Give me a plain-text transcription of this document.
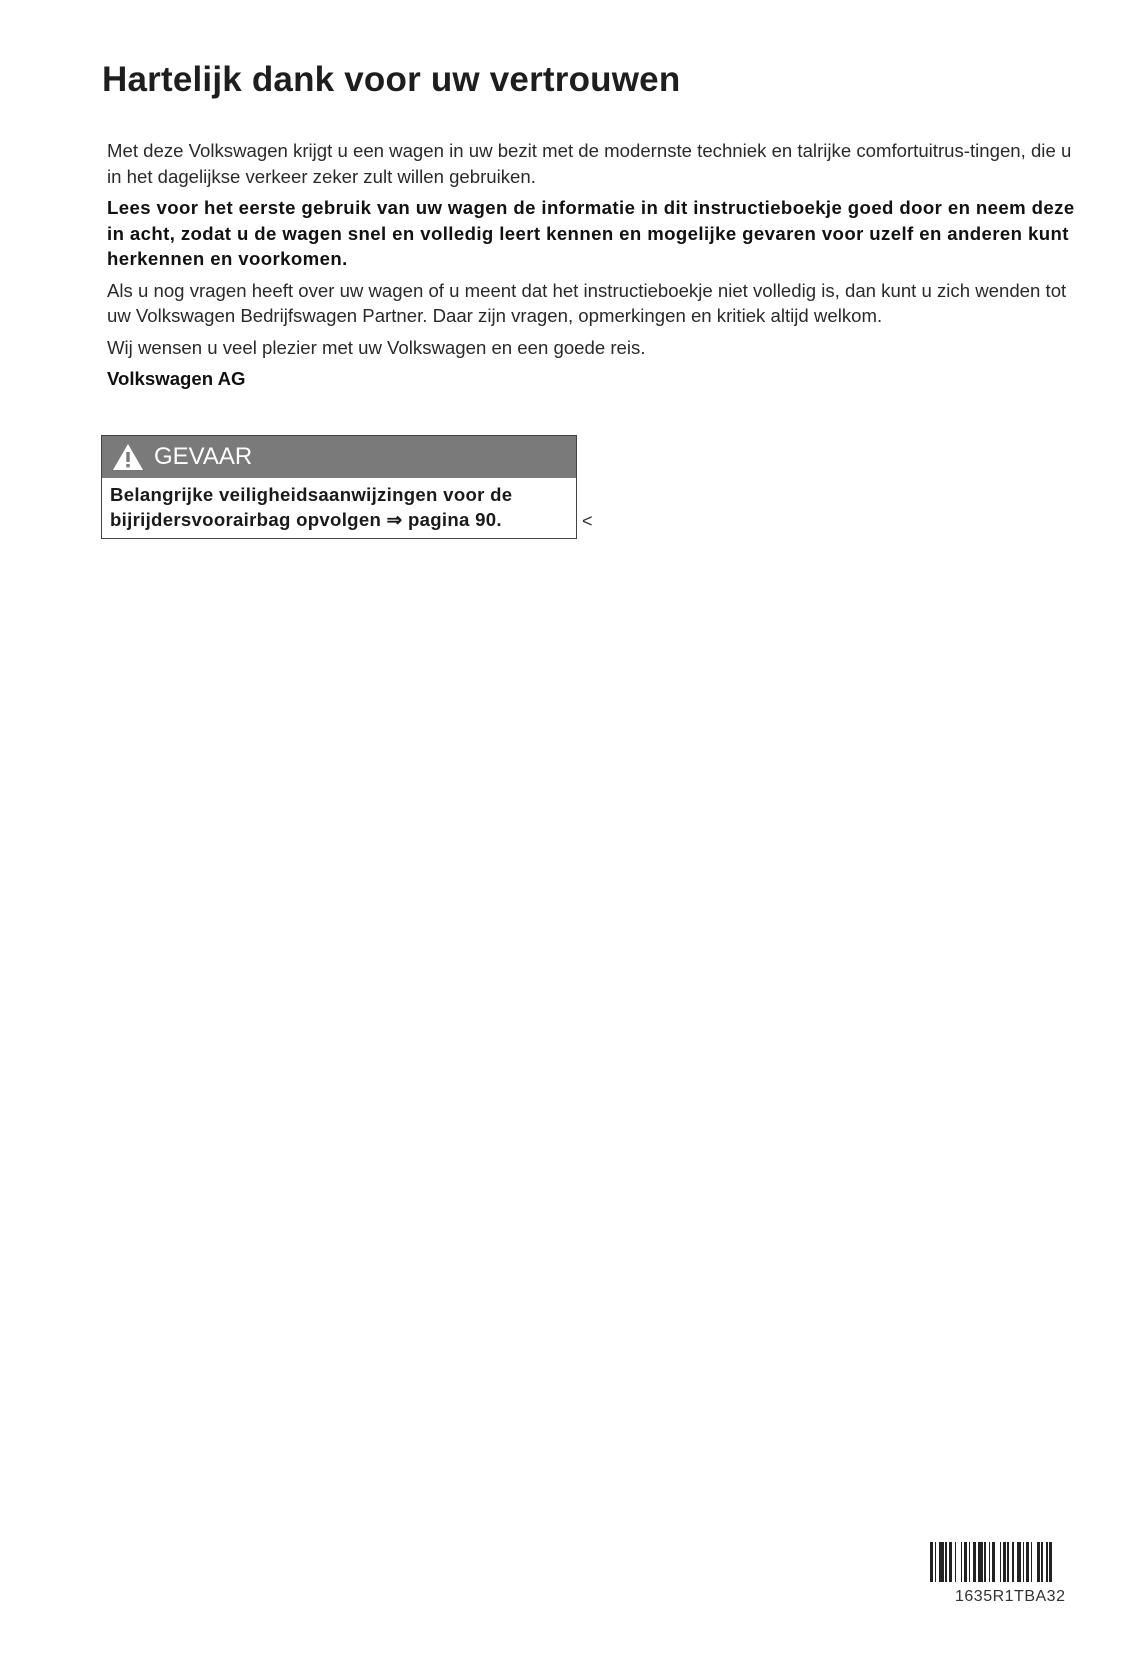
Hartelijk dank voor uw vertrouwen

Met deze Volkswagen krijgt u een wagen in uw bezit met de modernste techniek en talrijke comfortuitrus-tingen, die u in het dagelijkse verkeer zeker zult willen gebruiken.

Lees voor het eerste gebruik van uw wagen de informatie in dit instructieboekje goed door en neem deze in acht, zodat u de wagen snel en volledig leert kennen en mogelijke gevaren voor uzelf en anderen kunt herkennen en voorkomen.

Als u nog vragen heeft over uw wagen of u meent dat het instructieboekje niet volledig is, dan kunt u zich wenden tot uw Volkswagen Bedrijfswagen Partner. Daar zijn vragen, opmerkingen en kritiek altijd welkom.

Wij wensen u veel plezier met uw Volkswagen en een goede reis.

Volkswagen AG

GEVAAR
Belangrijke veiligheidsaanwijzingen voor de bijrijdersvoorairbag opvolgen ⇒ pagina 90.	<
1635R1TBA32
